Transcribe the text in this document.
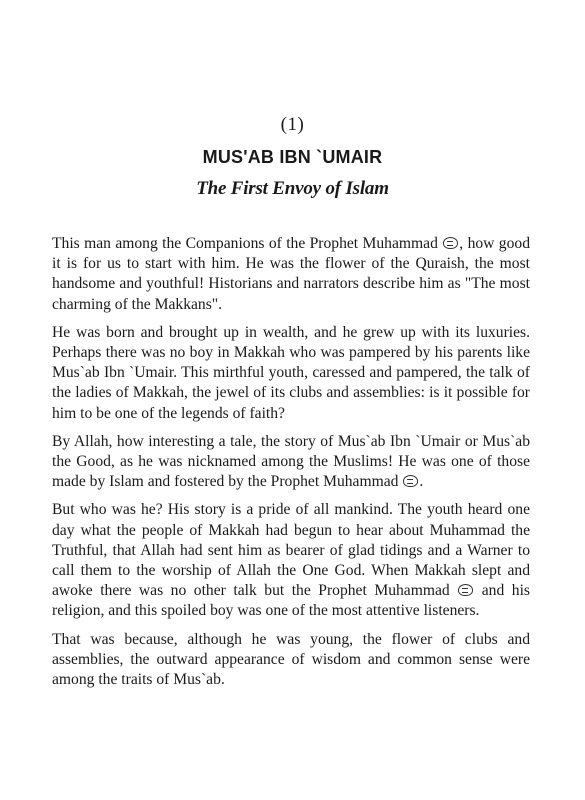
(1)
MUS'AB IBN `UMAIR
The First Envoy of Islam

This man among the Companions of the Prophet Muhammad , how good it is for us to start with him. He was the flower of the Quraish, the most handsome and youthful! Historians and narrators describe him as "The most charming of the Makkans".

He was born and brought up in wealth, and he grew up with its luxuries. Perhaps there was no boy in Makkah who was pampered by his parents like Mus`ab Ibn `Umair. This mirthful youth, caressed and pampered, the talk of the ladies of Makkah, the jewel of its clubs and assemblies: is it possible for him to be one of the legends of faith?

By Allah, how interesting a tale, the story of Mus`ab Ibn `Umair or Mus`ab the Good, as he was nicknamed among the Muslims! He was one of those made by Islam and fostered by the Prophet Muhammad .

But who was he? His story is a pride of all mankind. The youth heard one day what the people of Makkah had begun to hear about Muhammad the Truthful, that Allah had sent him as bearer of glad tidings and a Warner to call them to the worship of Allah the One God. When Makkah slept and awoke there was no other talk but the Prophet Muhammad  and his religion, and this spoiled boy was one of the most attentive listeners.

That was because, although he was young, the flower of clubs and assemblies, the outward appearance of wisdom and common sense were among the traits of Mus`ab.
